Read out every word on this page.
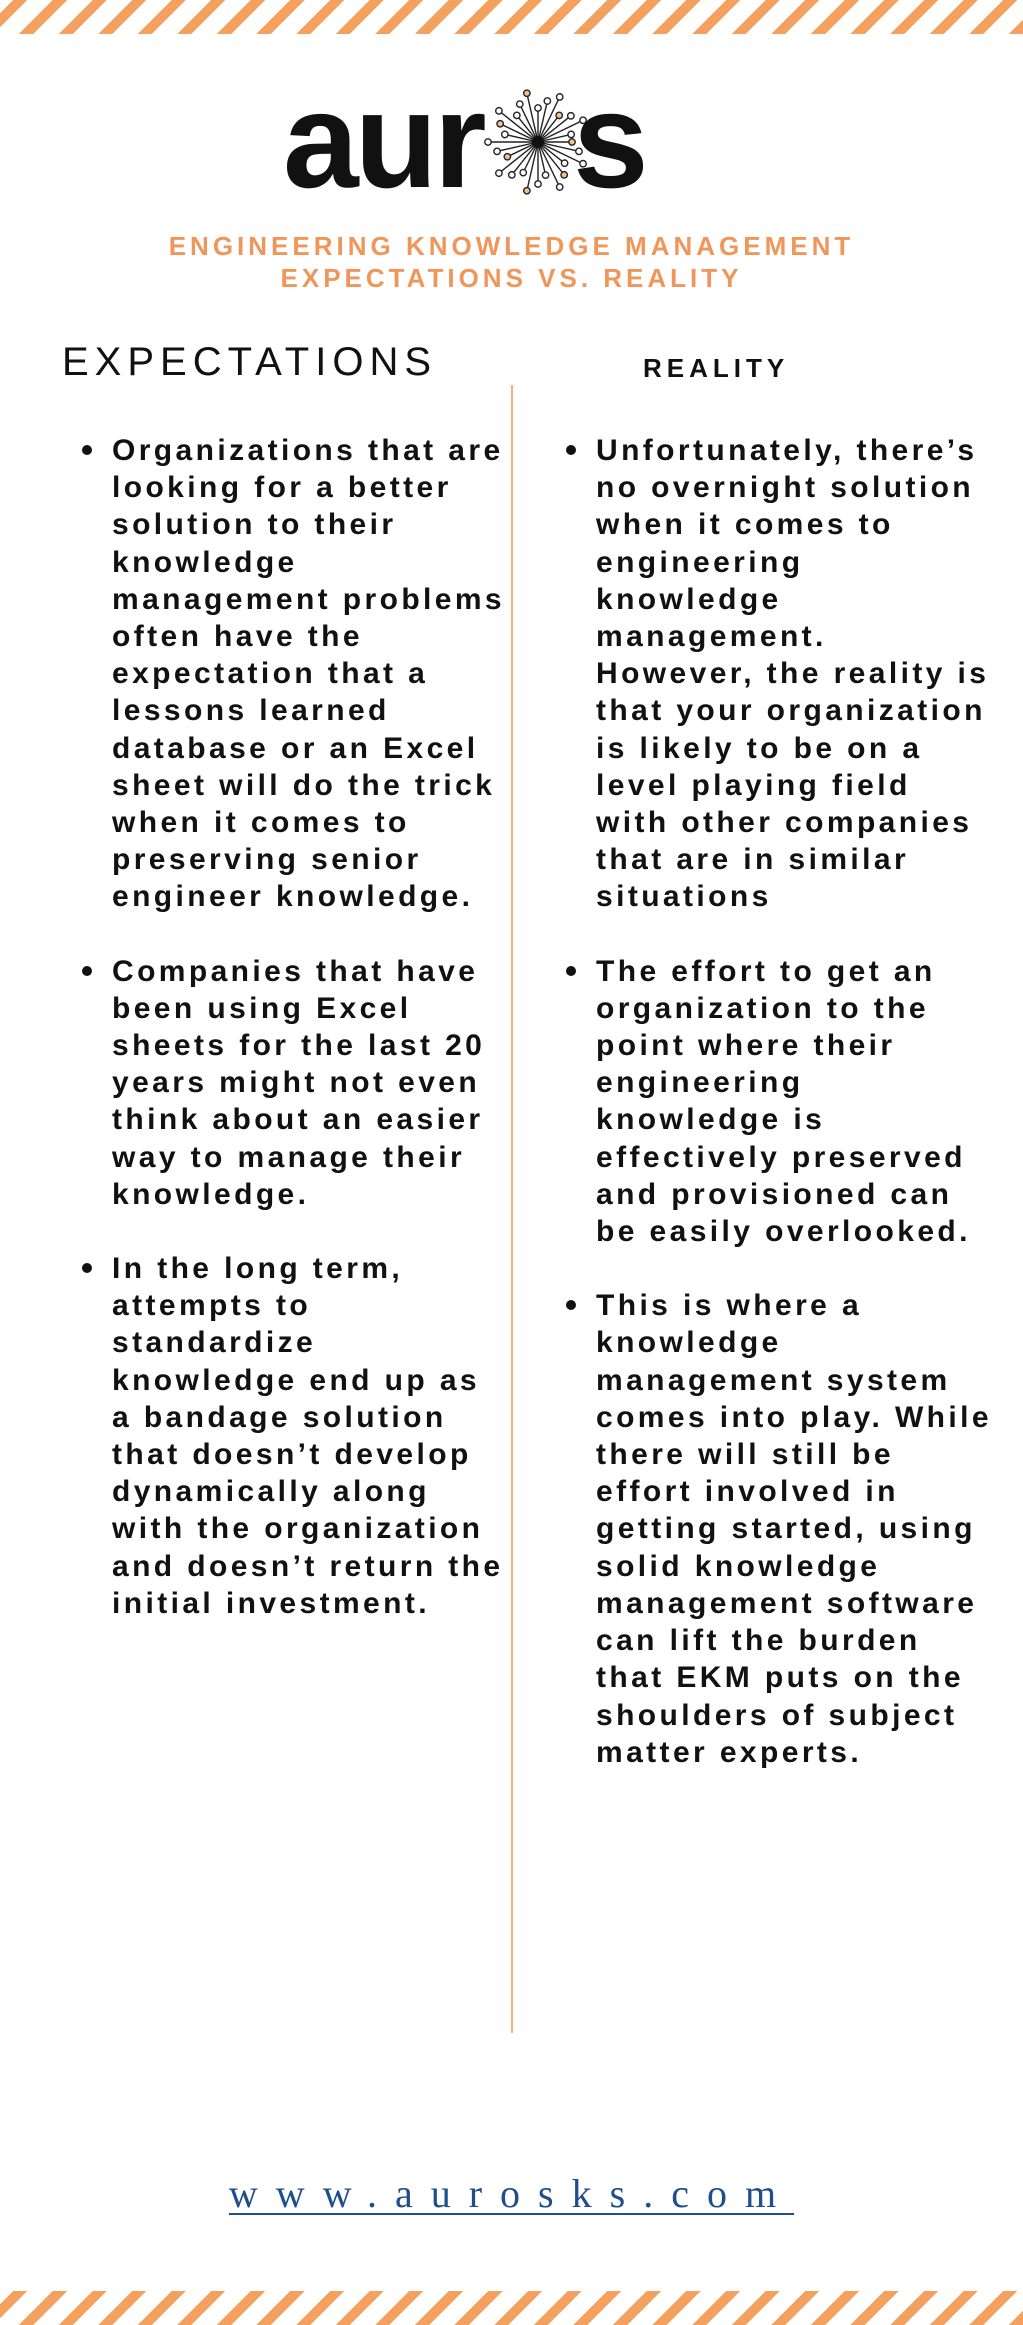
aur s
ENGINEERING KNOWLEDGE MANAGEMENT
EXPECTATIONS VS. REALITY
EXPECTATIONS	REALITY
Organizations that are looking for a better solution to their knowledge management problems often have the expectation that a lessons learned database or an Excel sheet will do the trick when it comes to preserving senior engineer knowledge.
Companies that have been using Excel sheets for the last 20 years might not even think about an easier way to manage their knowledge.
In the long term, attempts to standardize knowledge end up as a bandage solution that doesn’t develop dynamically along with the organization and doesn’t return the initial investment.
Unfortunately, there’s no overnight solution when it comes to engineering knowledge management. However, the reality is that your organization is likely to be on a level playing field with other companies that are in similar situations
The effort to get an organization to the point where their engineering knowledge is effectively preserved and provisioned can be easily overlooked.
This is where a knowledge management system comes into play. While there will still be effort involved in getting started, using solid knowledge management software can lift the burden that EKM puts on the shoulders of subject matter experts.
www.aurosks.com
